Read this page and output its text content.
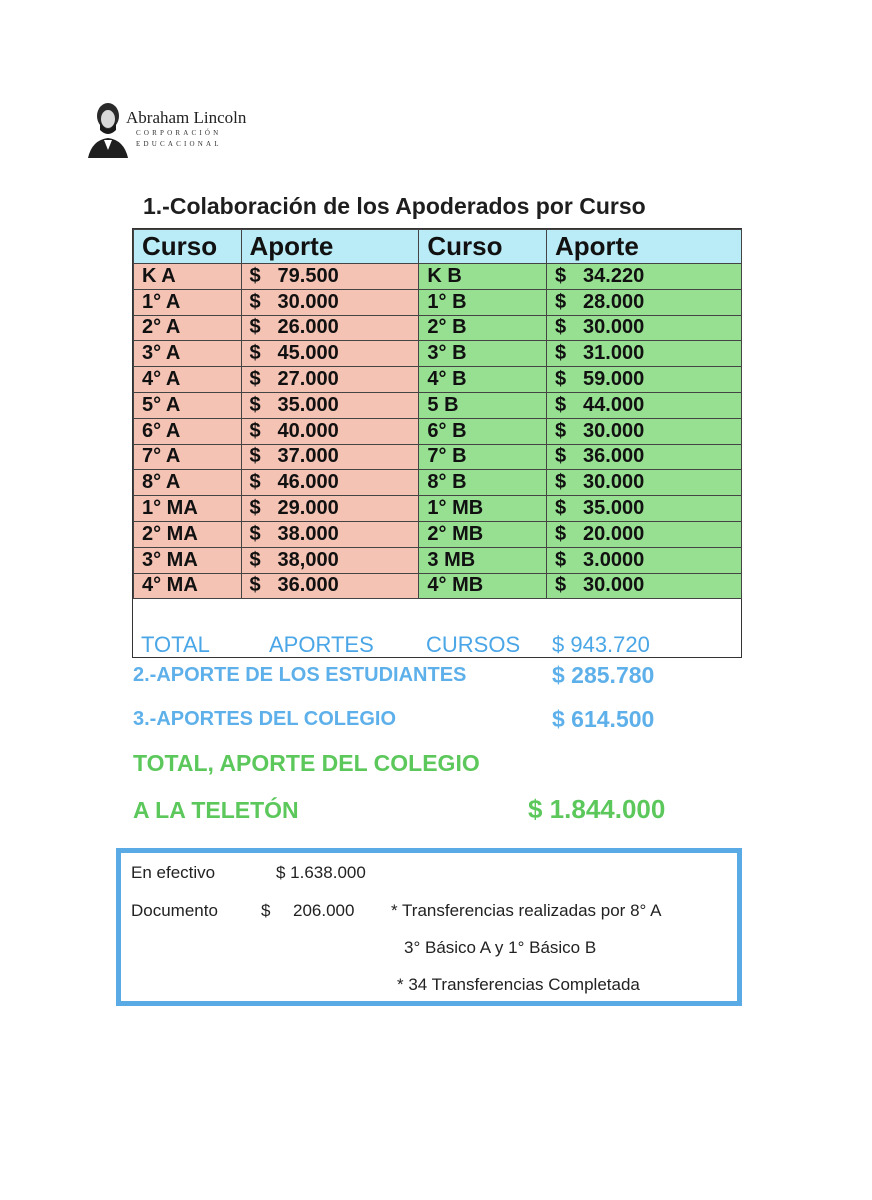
Abraham Lincoln
CORPORACIÓN
EDUCACIONAL
1.-Colaboración de los Apoderados por Curso
Curso	Aporte	Curso	Aporte
K A	$ 79.500	K B	$ 34.220
1° A	$ 30.000	1° B	$ 28.000
2° A	$ 26.000	2° B	$ 30.000
3° A	$ 45.000	3° B	$ 31.000
4° A	$ 27.000	4° B	$ 59.000
5° A	$ 35.000	5 B	$ 44.000
6° A	$ 40.000	6° B	$ 30.000
7° A	$ 37.000	7° B	$ 36.000
8° A	$ 46.000	8° B	$ 30.000
1° MA	$ 29.000	1° MB	$ 35.000
2° MA	$ 38.000	2° MB	$ 20.000
3° MA	$ 38,000	3 MB	$ 3.0000
4° MA	$ 36.000	4° MB	$ 30.000
TOTAL	APORTES CURSOS $ 943.720
2.-APORTE DE LOS ESTUDIANTES	$ 285.780
3.-APORTES DEL COLEGIO	$ 614.500
TOTAL, APORTE DEL COLEGIO
A LA TELETÓN	$ 1.844.000
En efectivo	$ 1.638.000
Documento	$ 206.000 * Transferencias realizadas por 8° A
3° Básico A y 1° Básico B
* 34 Transferencias Completada
